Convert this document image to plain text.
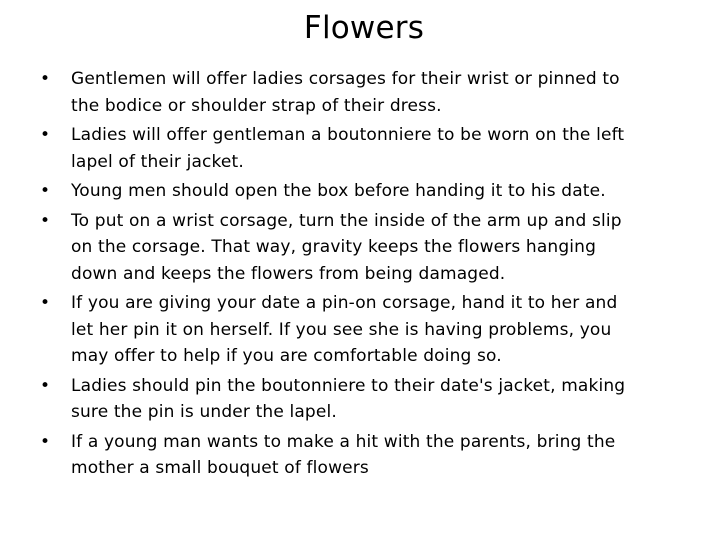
Flowers
• Gentlemen will offer ladies corsages for their wrist or pinned to
the bodice or shoulder strap of their dress.
• Ladies will offer gentleman a boutonniere to be worn on the left
lapel of their jacket.
• Young men should open the box before handing it to his date.
• To put on a wrist corsage, turn the inside of the arm up and slip
on the corsage. That way, gravity keeps the flowers hanging
down and keeps the flowers from being damaged.
• If you are giving your date a pin-on corsage, hand it to her and
let her pin it on herself. If you see she is having problems, you
may offer to help if you are comfortable doing so.
• Ladies should pin the boutonniere to their date's jacket, making
sure the pin is under the lapel.
• If a young man wants to make a hit with the parents, bring the
mother a small bouquet of flowers
